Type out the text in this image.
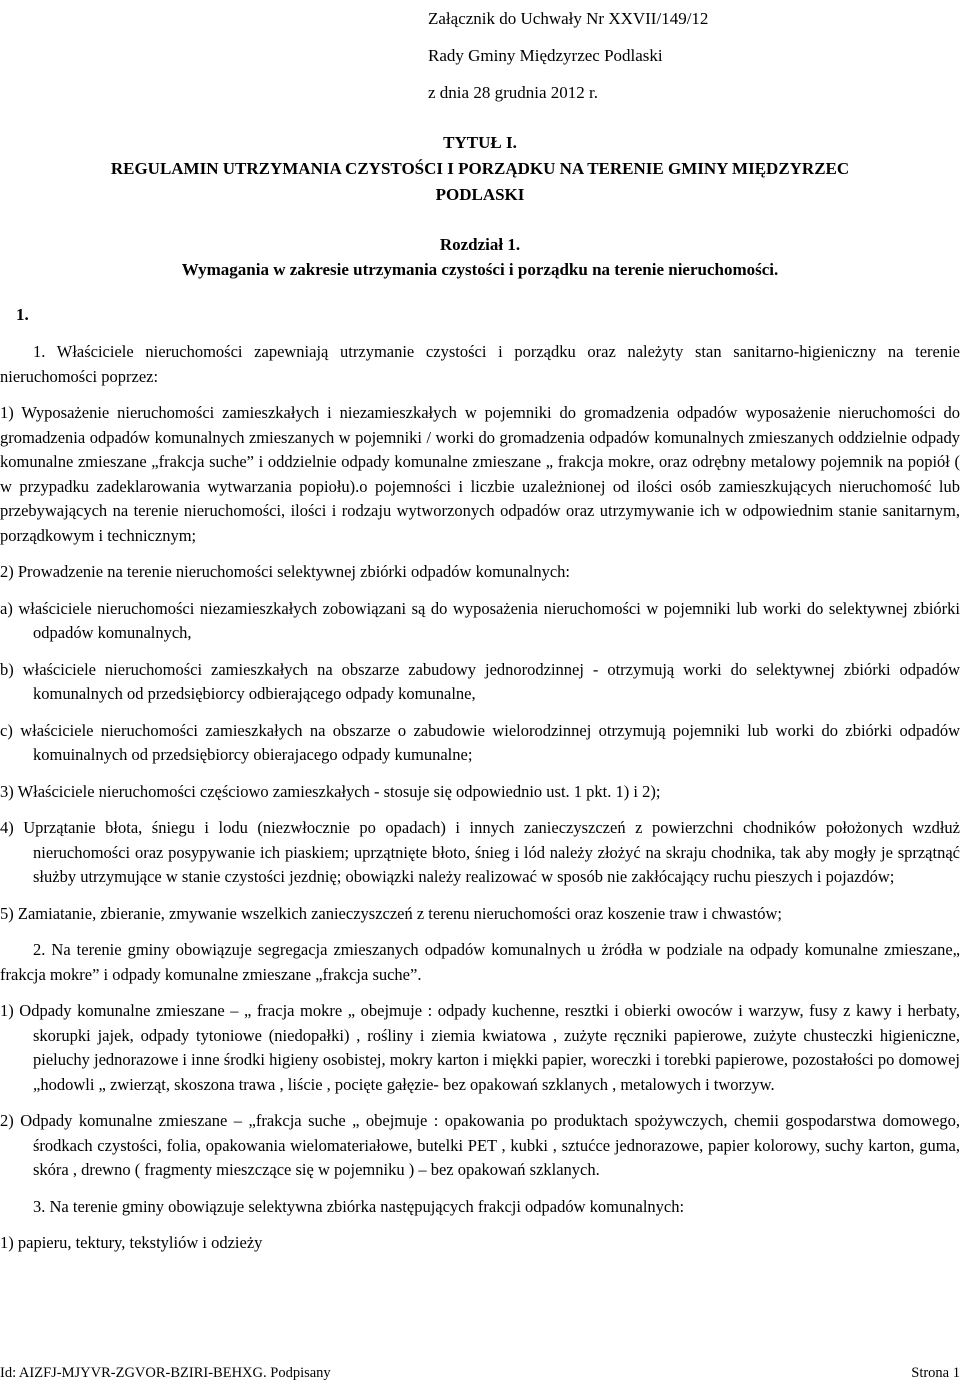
Załącznik do Uchwały Nr XXVII/149/12

Rady Gminy Międzyrzec Podlaski

z dnia 28 grudnia 2012 r.

TYTUŁ I.

REGULAMIN UTRZYMANIA CZYSTOŚCI I PORZĄDKU NA TERENIE GMINY MIĘDZYRZEC

PODLASKI

Rozdział 1.

Wymagania w zakresie utrzymania czystości i porządku na terenie nieruchomości.

1.

1. Właściciele nieruchomości zapewniają utrzymanie czystości i porządku oraz należyty stan sanitarno-higieniczny na terenie nieruchomości poprzez:

1) Wyposażenie nieruchomości zamieszkałych i niezamieszkałych w pojemniki do gromadzenia odpadów wyposażenie nieruchomości do gromadzenia odpadów komunalnych zmieszanych w pojemniki / worki do gromadzenia odpadów komunalnych zmieszanych oddzielnie odpady komunalne zmieszane „frakcja suche” i oddzielnie odpady komunalne zmieszane „ frakcja mokre, oraz odrębny metalowy pojemnik na popiół ( w przypadku zadeklarowania wytwarzania popiołu).o pojemności i liczbie uzależnionej od ilości osób zamieszkujących nieruchomość lub przebywających na terenie nieruchomości, ilości i rodzaju wytworzonych odpadów oraz utrzymywanie ich w odpowiednim stanie sanitarnym, porządkowym i technicznym;

2) Prowadzenie na terenie nieruchomości selektywnej zbiórki odpadów komunalnych:

a) właściciele nieruchomości niezamieszkałych zobowiązani są do wyposażenia nieruchomości w pojemniki lub worki do selektywnej zbiórki odpadów komunalnych,

b) właściciele nieruchomości zamieszkałych na obszarze zabudowy jednorodzinnej - otrzymują worki do selektywnej zbiórki odpadów komunalnych od przedsiębiorcy odbierającego odpady komunalne,

c) właściciele nieruchomości zamieszkałych na obszarze o zabudowie wielorodzinnej otrzymują pojemniki lub worki do zbiórki odpadów komuinalnych od przedsiębiorcy obierajacego odpady kumunalne;

3) Właściciele nieruchomości częściowo zamieszkałych - stosuje się odpowiednio ust. 1 pkt. 1) i 2);

4) Uprzątanie błota, śniegu i lodu (niezwłocznie po opadach) i innych zanieczyszczeń z powierzchni chodników położonych wzdłuż nieruchomości oraz posypywanie ich piaskiem; uprzątnięte błoto, śnieg i lód należy złożyć na skraju chodnika, tak aby mogły je sprzątnąć służby utrzymujące w stanie czystości jezdnię; obowiązki należy realizować w sposób nie zakłócający ruchu pieszych i pojazdów;

5) Zamiatanie, zbieranie, zmywanie wszelkich zanieczyszczeń z terenu nieruchomości oraz koszenie traw i chwastów;

2. Na terenie gminy obowiązuje segregacja zmieszanych odpadów komunalnych u żródła w podziale na odpady komunalne zmieszane„ frakcja mokre” i odpady komunalne zmieszane „frakcja suche”.

1) Odpady komunalne zmieszane – „ fracja mokre „ obejmuje : odpady kuchenne, resztki i obierki owoców i warzyw, fusy z kawy i herbaty, skorupki jajek, odpady tytoniowe (niedopałki) , rośliny i ziemia kwiatowa , zużyte ręczniki papierowe, zużyte chusteczki higieniczne, pieluchy jednorazowe i inne środki higieny osobistej, mokry karton i miękki papier, woreczki i torebki papierowe, pozostałości po domowej „hodowli „ zwierząt, skoszona trawa , liście , pocięte gałęzie- bez opakowań szklanych , metalowych i tworzyw.

2) Odpady komunalne zmieszane – „frakcja suche „ obejmuje : opakowania po produktach spożywczych, chemii gospodarstwa domowego, środkach czystości, folia, opakowania wielomateriałowe, butelki PET , kubki , sztućce jednorazowe, papier kolorowy, suchy karton, guma, skóra , drewno ( fragmenty mieszczące się w pojemniku ) – bez opakowań szklanych.

3. Na terenie gminy obowiązuje selektywna zbiórka następujących frakcji odpadów komunalnych:

1) papieru, tektury, tekstyliów i odzieży

Id: AIZFJ-MJYVR-ZGVOR-BZIRI-BEHXG. Podpisany	Strona 1
